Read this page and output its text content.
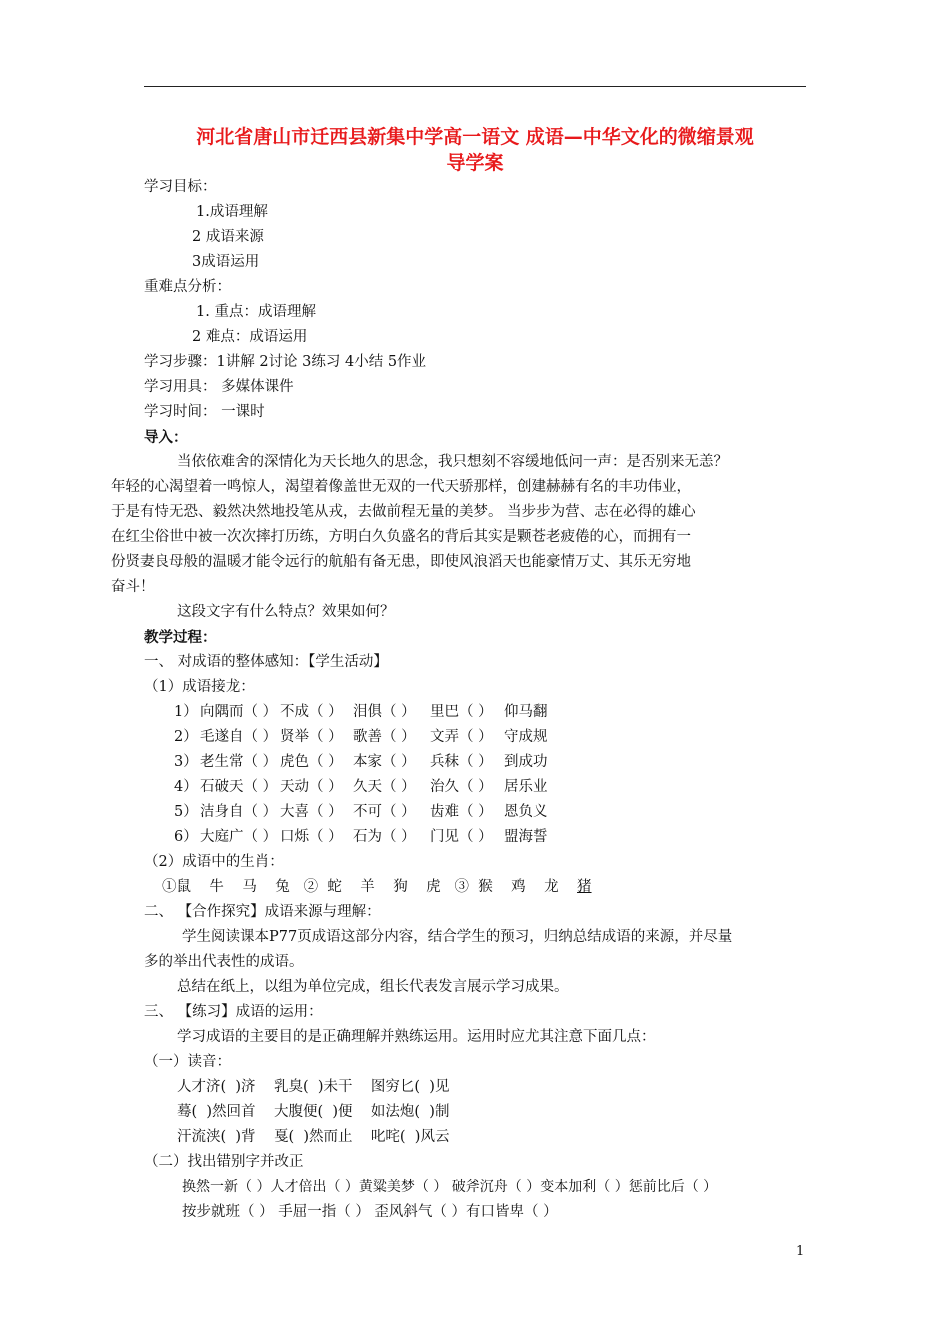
河北省唐山市迁西县新集中学高一语文 成语—中华文化的微缩景观
导学案
学习目标：
1.成语理解
2 成语来源
3成语运用
重难点分析：
1. 重点：成语理解
2 难点：成语运用
学习步骤：1讲解 2讨论 3练习 4小结 5作业
学习用具： 多媒体课件
学习时间： 一课时
导入：
当依依难舍的深情化为天长地久的思念，我只想刻不容缓地低问一声：是否别来无恙？
年轻的心渴望着一鸣惊人，渴望着像盖世无双的一代天骄那样，创建赫赫有名的丰功伟业，
于是有恃无恐、毅然决然地投笔从戎，去做前程无量的美梦。 当步步为营、志在必得的雄心
在红尘俗世中被一次次摔打历练，方明白久负盛名的背后其实是颗苍老疲倦的心，而拥有一
份贤妻良母般的温暖才能令远行的航船有备无患，即使风浪滔天也能豪情万丈、其乐无穷地
奋斗！
这段文字有什么特点？效果如何？
教学过程：
一、 对成语的整体感知：【学生活动】
（1）成语接龙：
1） 向隅而（ ） 不成（ ） 泪俱（ ） 里巴（ ） 仰马翻
2） 毛遂自（ ） 贤举（ ） 歌善（ ） 文弄（ ） 守成规
3） 老生常（ ） 虎色（ ） 本家（ ） 兵秣（ ） 到成功
4） 石破天（ ） 天动（ ） 久天（ ） 治久（ ） 居乐业
5） 洁身自（ ） 大喜（ ） 不可（ ） 齿难（ ） 恩负义
6） 大庭广（ ） 口烁（ ） 石为（ ） 门见（ ） 盟海誓
（2）成语中的生肖：
①鼠    牛    马    兔   ②  蛇    羊    狗    虎   ③  猴    鸡    龙    猪
二、 【合作探究】成语来源与理解：
学生阅读课本P77页成语这部分内容，结合学生的预习，归纳总结成语的来源，并尽量
多的举出代表性的成语。
总结在纸上，以组为单位完成，组长代表发言展示学习成果。
三、 【练习】成语的运用：
学习成语的主要目的是正确理解并熟练运用。运用时应尤其注意下面几点：
（一）读音：
人才济(  )济    乳臭(  )未干    图穷匕(  )见
蓦(  )然回首    大腹便(  )便    如法炮(  )制
汗流浃(  )背    戛(  )然而止    叱咤(  )风云
（二）找出错别字并改正
换然一新（ ）人才倍出（ ）黄粱美梦（ ） 破斧沉舟（ ）变本加利（ ）惩前比后（ ）
按步就班（ ） 手屈一指（ ） 歪风斜气（ ）有口皆卑（ ）
1
